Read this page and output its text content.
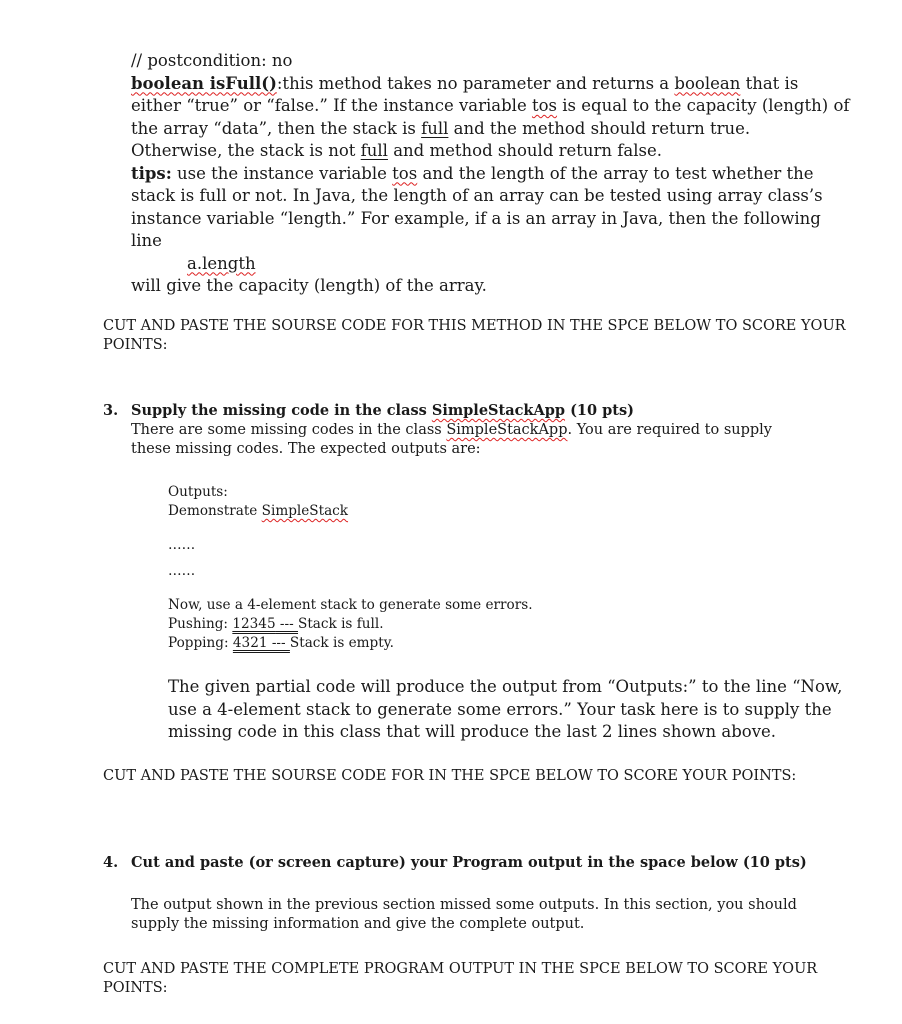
// postcondition: no
boolean isFull():this method takes no parameter and returns a boolean that is
either “true” or “false.” If the instance variable tos is equal to the capacity (length) of
the array “data”, then the stack is full and the method should return true.
Otherwise, the stack is not full and method should return false.
tips: use the instance variable tos and the length of the array to test whether the
stack is full or not. In Java, the length of an array can be tested using array class’s
instance variable “length.” For example, if a is an array in Java, then the following
line
a.length
will give the capacity (length) of the array.
CUT AND PASTE THE SOURSE CODE FOR THIS METHOD IN THE SPCE BELOW TO SCORE YOUR
POINTS:
3. Supply the missing code in the class SimpleStackApp (10 pts)
There are some missing codes in the class SimpleStackApp. You are required to supply
these missing codes. The expected outputs are:
Outputs:
Demonstrate SimpleStack
……
……
Now, use a 4-element stack to generate some errors.
Pushing: 12345 --- Stack is full.
Popping: 4321 --- Stack is empty.
The given partial code will produce the output from “Outputs:” to the line “Now,
use a 4-element stack to generate some errors.” Your task here is to supply the
missing code in this class that will produce the last 2 lines shown above.
CUT AND PASTE THE SOURSE CODE FOR IN THE SPCE BELOW TO SCORE YOUR POINTS:
4. Cut and paste (or screen capture) your Program output in the space below (10 pts)
The output shown in the previous section missed some outputs. In this section, you should
supply the missing information and give the complete output.
CUT AND PASTE THE COMPLETE PROGRAM OUTPUT IN THE SPCE BELOW TO SCORE YOUR
POINTS:
